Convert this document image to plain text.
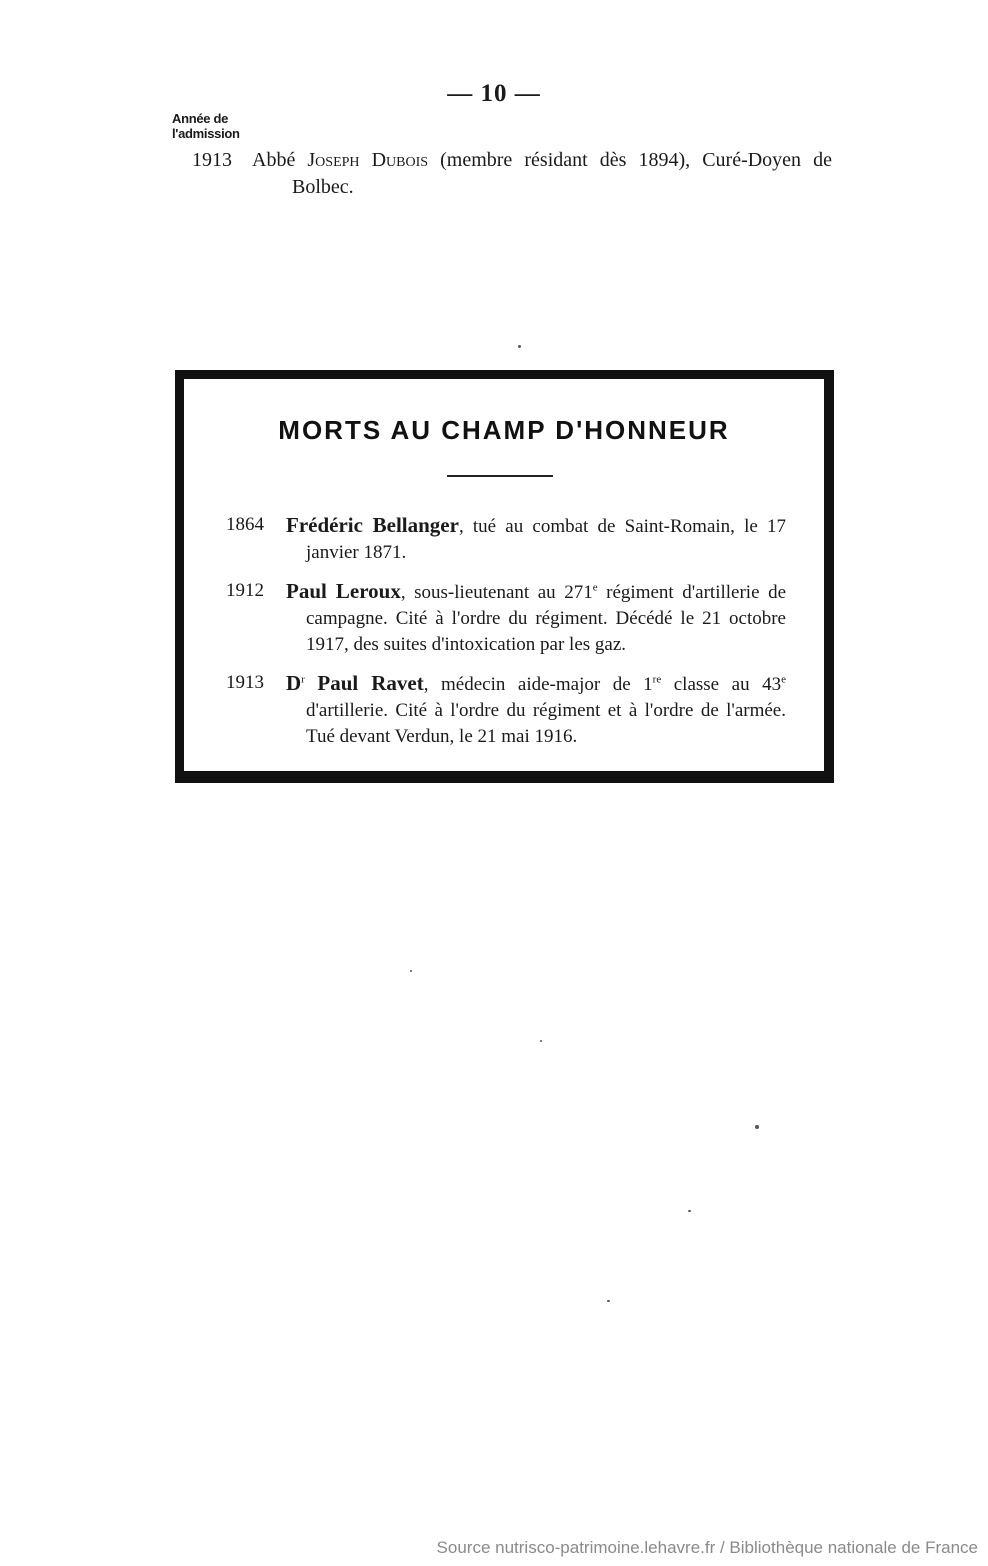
— 10 —
Année de
l'admission
1913 Abbé Joseph Dubois (membre résidant dès 1894), Curé-Doyen de Bolbec.
MORTS AU CHAMP D'HONNEUR
1864 Frédéric Bellanger, tué au combat de Saint-Romain, le 17 janvier 1871.
1912 Paul Leroux, sous-lieutenant au 271e régiment d'artillerie de campagne. Cité à l'ordre du régiment. Décédé le 21 octobre 1917, des suites d'intoxication par les gaz.
1913 $D^r$ Paul Ravet, médecin aide-major de 1re classe au 43e d'artillerie. Cité à l'ordre du régiment et à l'ordre de l'armée. Tué devant Verdun, le 21 mai 1916.
Source nutrisco-patrimoine.lehavre.fr / Bibliothèque nationale de France
